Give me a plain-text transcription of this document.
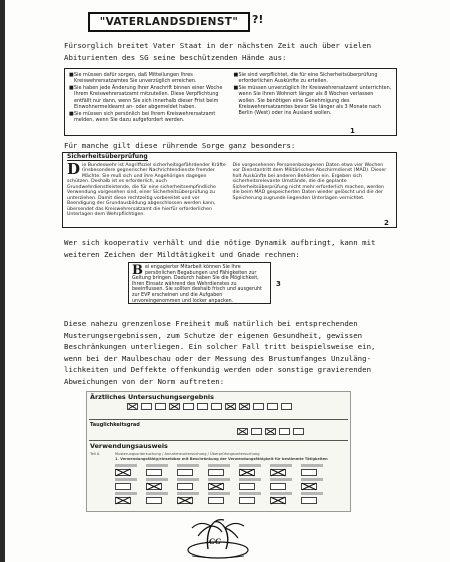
"VATERLANDSDIENST"	?!
Fürsorglich breitet Vater Staat in der nächsten Zeit auch über vielen
Abiturienten des SG seine beschützenden Hände aus:
■ Sie müssen dafür sorgen, daß Mitteilungen Ihres Kreiswehrersatzamtes Sie unverzüglich erreichen.
■ Sie haben jede Änderung Ihrer Anschrift binnen einer Woche Ihrem Kreiswehrersatzamt mitzuteilen. Diese Verpflichtung entfällt nur dann, wenn Sie sich innerhalb dieser Frist beim Einwohnermeldeamt an- oder abgemeldet haben.
■ Sie müssen sich persönlich bei Ihrem Kreiswehrersatzamt melden, wenn Sie dazu aufgefordert werden.
■ Sie sind verpflichtet, die für eine Sicherheitsüberprüfung erforderlichen Auskünfte zu erteilen.
■ Sie müssen unverzüglich Ihr Kreiswehrersatzamt unterrichten, wenn Sie Ihren Wohnort länger als 8 Wochen verlassen wollen. Sie benötigen eine Genehmigung des Kreiswehrersatzamtes bevor Sie länger als 3 Monate nach Berlin (West) oder ins Ausland wollen.
1
Für manche gilt diese rührende Sorge ganz besonders:
Sicherheitsüberprüfung
D ie Bundeswehr ist Angriffsziel sicherheitsgefährdender Kräfte (insbesondere gegnerischer Nachrichtendienste fremder Mächte. Sie muß sich und ihre Angehörigen dagegen schützen. Deshalb ist es erforderlich, auch Grundwehrdienstleistende, die für eine sicherheitsempfindliche Verwendung vorgesehen sind, einer Sicherheitsüberprüfung zu unterziehen. Damit diese rechtzeitig vorbereitet und vor Beendigung der Grundausbildung abgeschlossen werden kann, übersendet das Kreiswehrersatzamt die hierfür erforderlichen Unterlagen dem Wehrpflichtigen.
Die vorgesehenen Personenbezogenen Daten etwa vier Wochen vor Dienstantritt dem Militärischen Abschirmdienst (MAD). Dieser holt Auskünfte bei anderen Behörden ein. Ergeben sich sicherheitsrelevante Umstände, die die geplante Sicherheitsüberprüfung nicht mehr erforderlich machen, werden die beim MAD gespeicherten Daten wieder gelöscht und die der Speicherung zugrunde liegenden Unterlagen vernichtet.
2
Wer sich kooperativ verhält und die nötige Dynamik aufbringt, kann mit
weiteren Zeichen der Mildtätigkeit und Gnade rechnen:
B ei engagierter Mitarbeit können Sie Ihre persönlichen Begabungen und Fähigkeiten zur Geltung bringen. Dadurch haben Sie die Möglichkeit, Ihren Einsatz während des Wehrdienstes zu beeinflussen. Sie sollten deshalb frisch und ausgeruht zur EVP erscheinen und die Aufgaben unvoreingenommen und locker anpacken.
3
Diese nahezu grenzenlose Freiheit muß natürlich bei entsprechenden
Musterungsergebnissen, zum Schutze der eigenen Gesundheit, gewissen
Beschränkungen unterliegen. Ein solcher Fall tritt beispielsweise ein,
wenn bei der Maulbeschau oder der Messung des Brustumfanges Unzuläng-
lichkeiten und Deffekte offenkundig werden oder sonstige gravierenden
Abweichungen von der Norm auftreten:
Ärztliches Untersuchungsergebnis
Tauglichkeitsgrad
Verwendungsausweis
Teil A	Musterungsuntersuchung / Annahmeuntersuchung / Überprüfungsuntersuchung
1. Verwendungsfähig/einsetzbar mit Beschränkung der Verwendungsfähigkeit für bestimmte Tätigkeiten
GG
